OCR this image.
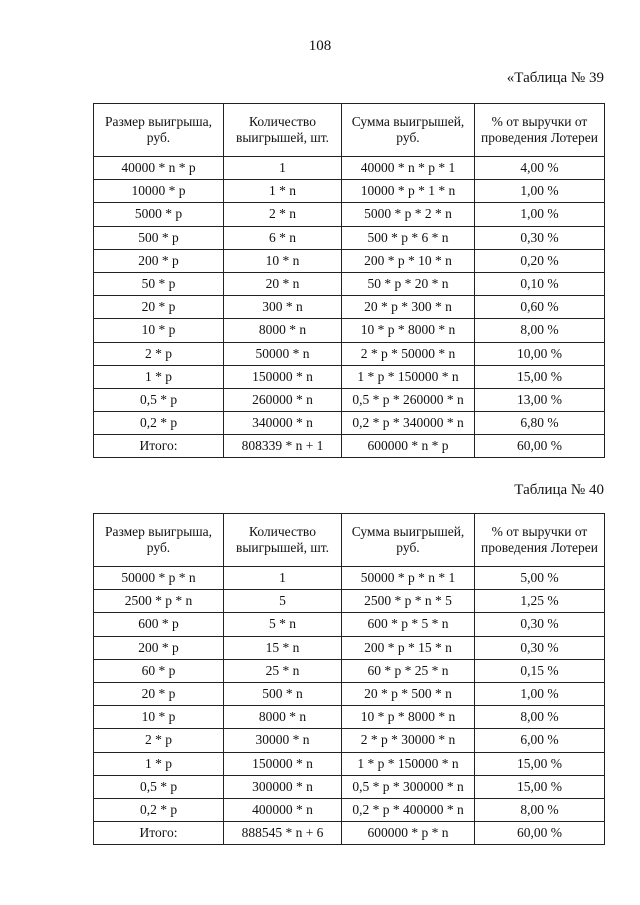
108
«Таблица № 39
Размер выигрыша, руб.	Количество выигрышей, шт.	Сумма выигрышей, руб.	% от выручки от проведения Лотереи
40000 * n * p	1	40000 * n * p * 1	4,00 %
10000 * p	1 * n	10000 * p * 1 * n	1,00 %
5000 * p	2 * n	5000 * p * 2 * n	1,00 %
500 * p	6 * n	500 * p * 6 * n	0,30 %
200 * p	10 * n	200 * p * 10 * n	0,20 %
50 * p	20 * n	50 * p * 20 * n	0,10 %
20 * p	300 * n	20 * p * 300 * n	0,60 %
10 * p	8000 * n	10 * p * 8000 * n	8,00 %
2 * p	50000 * n	2 * p * 50000 * n	10,00 %
1 * p	150000 * n	1 * p * 150000 * n	15,00 %
0,5 * p	260000 * n	0,5 * p * 260000 * n	13,00 %
0,2 * p	340000 * n	0,2 * p * 340000 * n	6,80 %
Итого:	808339 * n + 1	600000 * n * p	60,00 %
Таблица № 40
Размер выигрыша, руб.	Количество выигрышей, шт.	Сумма выигрышей, руб.	% от выручки от проведения Лотереи
50000 * p * n	1	50000 * p * n * 1	5,00 %
2500 * p * n	5	2500 * p * n * 5	1,25 %
600 * p	5 * n	600 * p * 5 * n	0,30 %
200 * p	15 * n	200 * p * 15 * n	0,30 %
60 * p	25 * n	60 * p * 25 * n	0,15 %
20 * p	500 * n	20 * p * 500 * n	1,00 %
10 * p	8000 * n	10 * p * 8000 * n	8,00 %
2 * p	30000 * n	2 * p * 30000 * n	6,00 %
1 * p	150000 * n	1 * p * 150000 * n	15,00 %
0,5 * p	300000 * n	0,5 * p * 300000 * n	15,00 %
0,2 * p	400000 * n	0,2 * p * 400000 * n	8,00 %
Итого:	888545 * n + 6	600000 * p * n	60,00 %
